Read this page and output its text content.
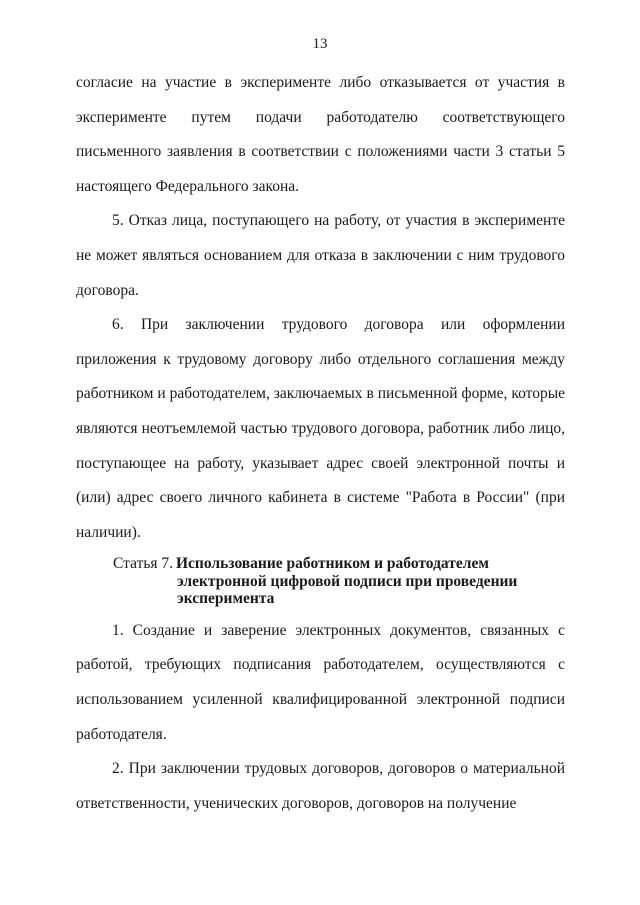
13

согласие на участие в эксперименте либо отказывается от участия в эксперименте путем подачи работодателю соответствующего письменного заявления в соответствии с положениями части 3 статьи 5 настоящего Федерального закона.

5. Отказ лица, поступающего на работу, от участия в эксперименте не может являться основанием для отказа в заключении с ним трудового договора.

6. При заключении трудового договора или оформлении приложения к трудовому договору либо отдельного соглашения между работником и работодателем, заключаемых в письменной форме, которые являются неотъемлемой частью трудового договора, работник либо лицо, поступающее на работу, указывает адрес своей электронной почты и (или) адрес своего личного кабинета в системе "Работа в России" (при наличии).

Статья 7. Использование работником и работодателем
электронной цифровой подписи при проведении
эксперимента

1. Создание и заверение электронных документов, связанных с работой, требующих подписания работодателем, осуществляются с использованием усиленной квалифицированной электронной подписи работодателя.

2. При заключении трудовых договоров, договоров о материальной ответственности, ученических договоров, договоров на получение
